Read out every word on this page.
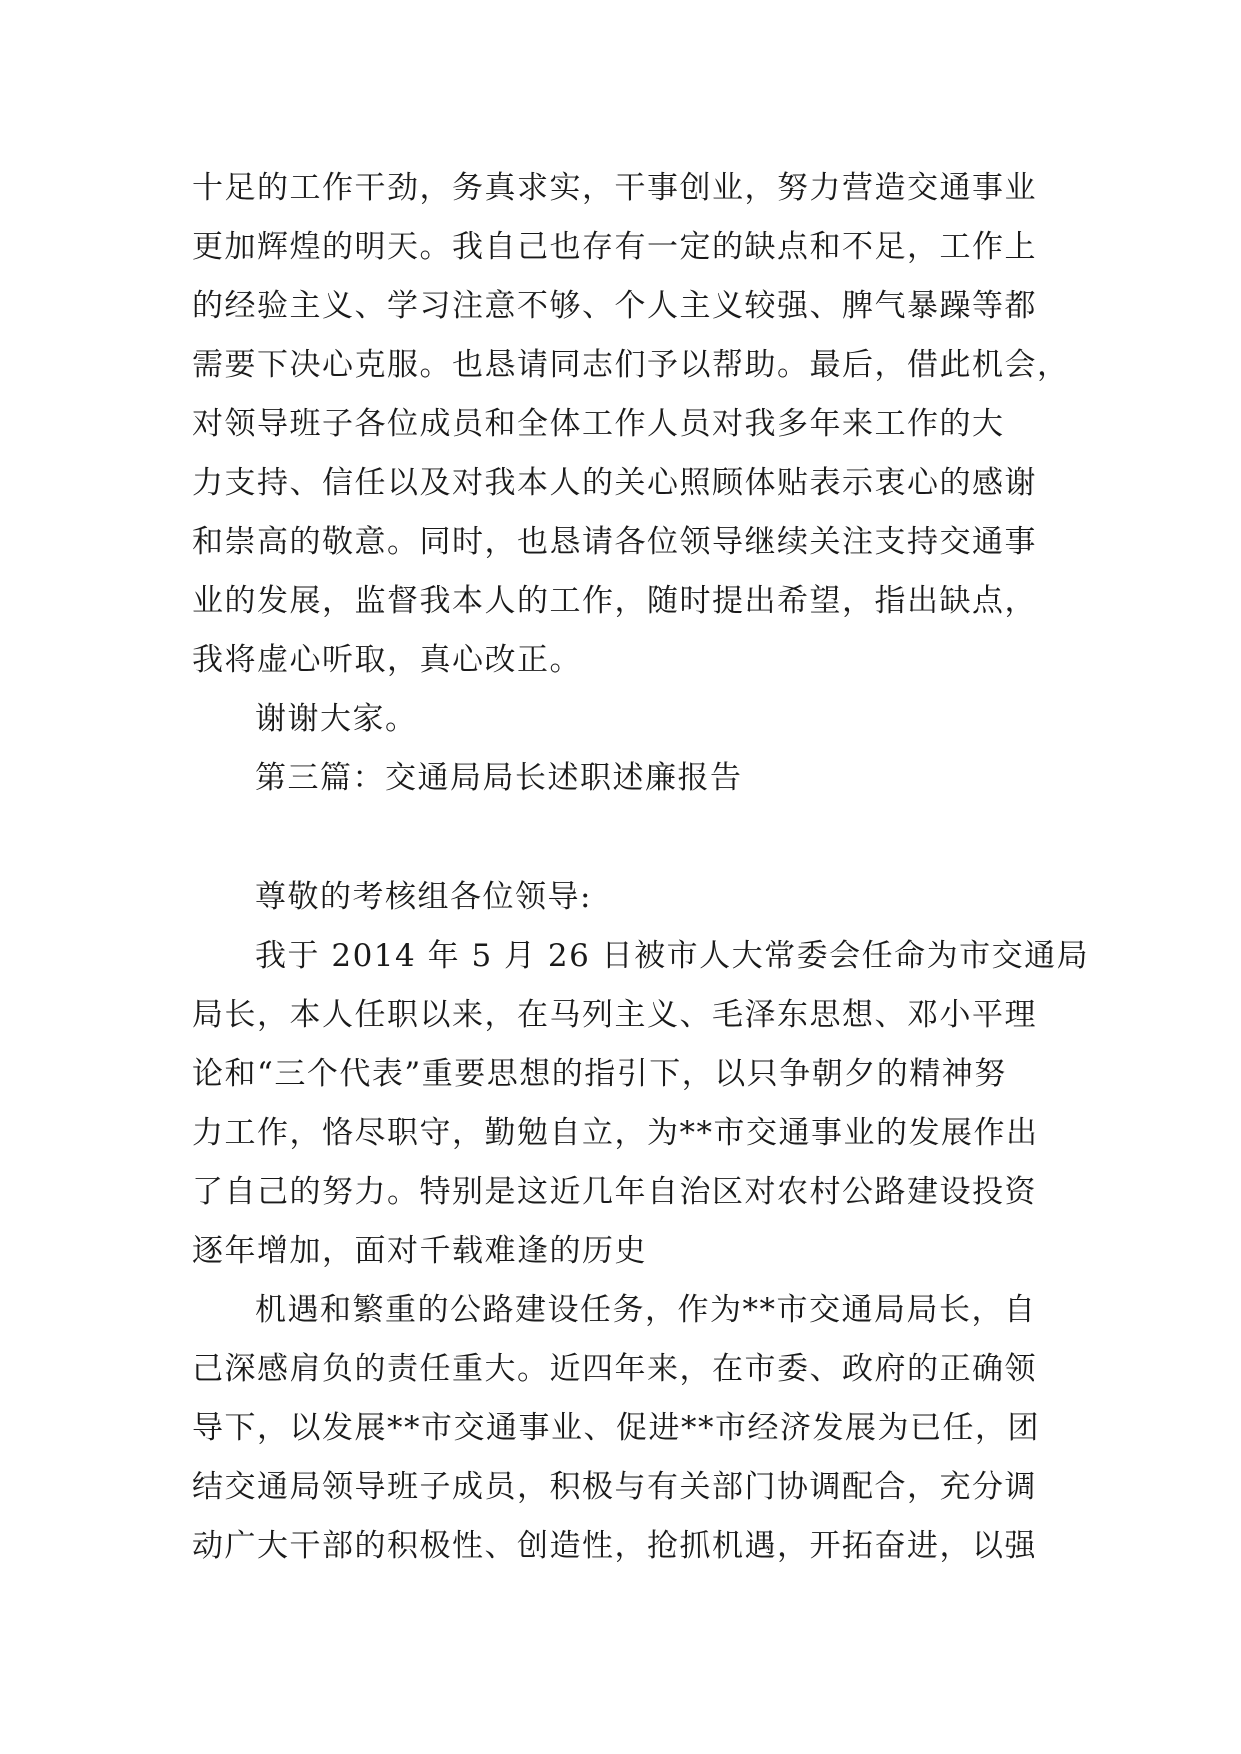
十足的工作干劲，务真求实，干事创业，努力营造交通事业
更加辉煌的明天。我自己也存有一定的缺点和不足，工作上
的经验主义、学习注意不够、个人主义较强、脾气暴躁等都
需要下决心克服。也恳请同志们予以帮助。最后，借此机会，
对领导班子各位成员和全体工作人员对我多年来工作的大
力支持、信任以及对我本人的关心照顾体贴表示衷心的感谢
和崇高的敬意。同时，也恳请各位领导继续关注支持交通事
业的发展，监督我本人的工作，随时提出希望，指出缺点，
我将虚心听取，真心改正。
谢谢大家。
第三篇：交通局局长述职述廉报告
尊敬的考核组各位领导:
我于 2014 年 5 月 26 日被市人大常委会任命为市交通局
局长，本人任职以来，在马列主义、毛泽东思想、邓小平理
论和“三个代表”重要思想的指引下，以只争朝夕的精神努
力工作，恪尽职守，勤勉自立，为**市交通事业的发展作出
了自己的努力。特别是这近几年自治区对农村公路建设投资
逐年增加，面对千载难逢的历史
机遇和繁重的公路建设任务，作为**市交通局局长，自
己深感肩负的责任重大。近四年来，在市委、政府的正确领
导下，以发展**市交通事业、促进**市经济发展为已任，团
结交通局领导班子成员，积极与有关部门协调配合，充分调
动广大干部的积极性、创造性，抢抓机遇，开拓奋进，以强
